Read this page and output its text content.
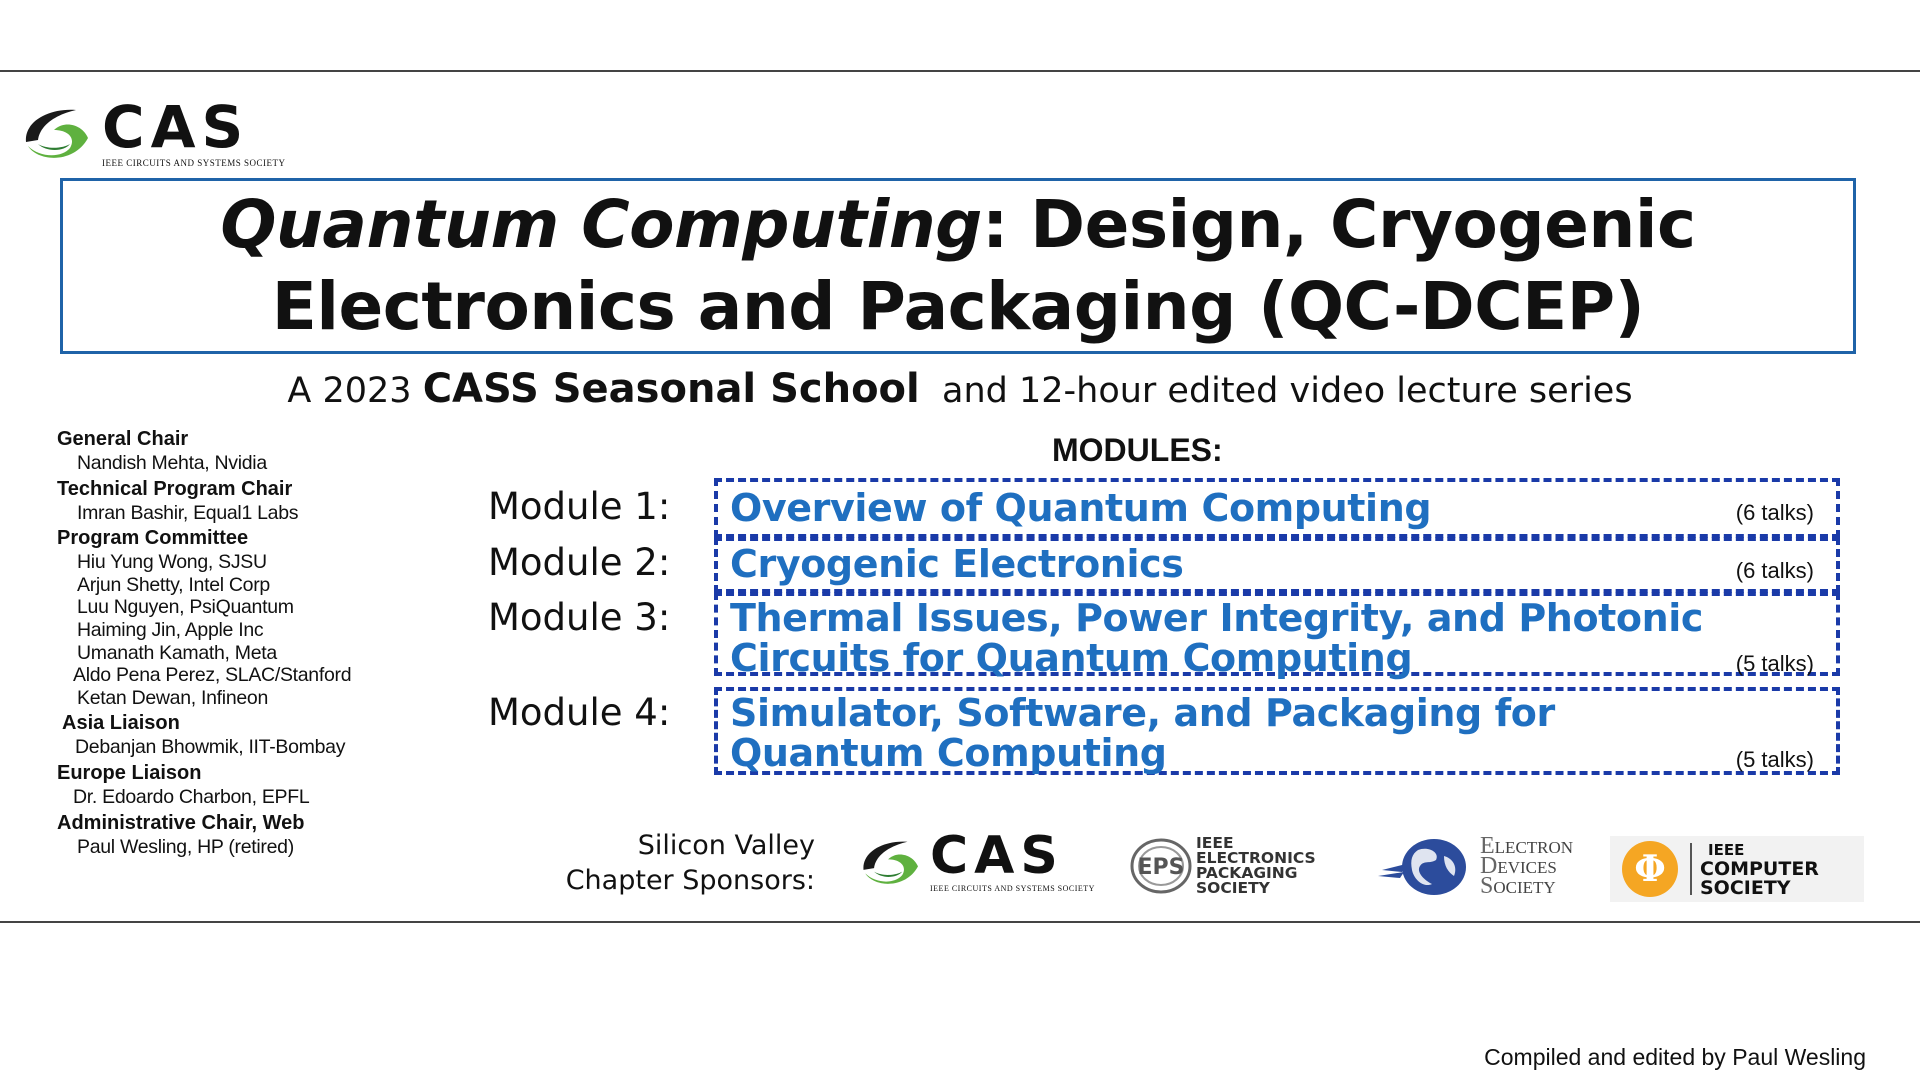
CAS
IEEE CIRCUITS AND SYSTEMS SOCIETY
Quantum Computing: Design, Cryogenic
Electronics and Packaging (QC-DCEP)
A 2023 CASS Seasonal School  and 12-hour edited video lecture series
General Chair
Nandish Mehta, Nvidia
Technical Program Chair
Imran Bashir, Equal1 Labs
Program Committee
Hiu Yung Wong, SJSU
Arjun Shetty, Intel Corp
Luu Nguyen, PsiQuantum
Haiming Jin, Apple Inc
Umanath Kamath, Meta
Aldo Pena Perez, SLAC/Stanford
Ketan Dewan, Infineon
Asia Liaison
Debanjan Bhowmik, IIT-Bombay
Europe Liaison
Dr. Edoardo Charbon, EPFL
Administrative Chair, Web
Paul Wesling, HP (retired)
MODULES:
Module 1: Overview of Quantum Computing	(6 talks)
Module 2: Cryogenic Electronics	(6 talks)
Module 3: Thermal Issues, Power Integrity, and Photonic
Circuits for Quantum Computing	(5 talks)
Module 4: Simulator, Software, and Packaging for
Quantum Computing	(5 talks)
Silicon Valley
Chapter Sponsors: CAS
IEEE CIRCUITS AND SYSTEMS SOCIETY
EPS
IEEE
ELECTRONICS
PACKAGING
SOCIETY
ELECTRON
DEVICES
SOCIETY	Φ	IEEE
COMPUTER
SOCIETY
Compiled and edited by Paul Wesling
